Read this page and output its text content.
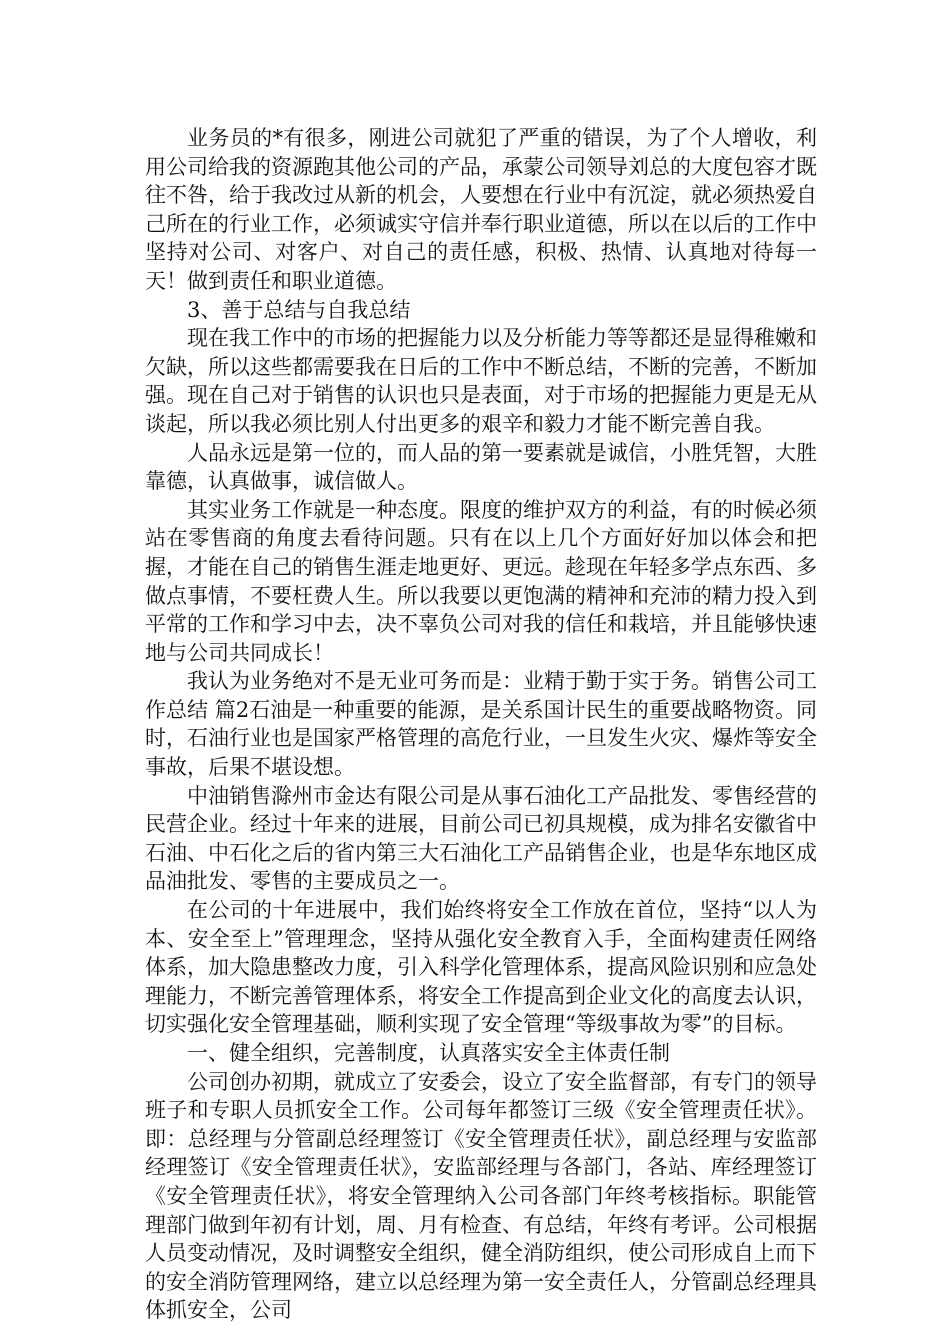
业务员的*有很多，刚进公司就犯了严重的错误，为了个人增收，利用公司给我的资源跑其他公司的产品，承蒙公司领导刘总的大度包容才既往不咎，给于我改过从新的机会，人要想在行业中有沉淀，就必须热爱自己所在的行业工作，必须诚实守信并奉行职业道德，所以在以后的工作中坚持对公司、对客户、对自己的责任感，积极、热情、认真地对待每一天！做到责任和职业道德。

3、善于总结与自我总结

现在我工作中的市场的把握能力以及分析能力等等都还是显得稚嫩和欠缺，所以这些都需要我在日后的工作中不断总结，不断的完善，不断加强。现在自己对于销售的认识也只是表面，对于市场的把握能力更是无从谈起，所以我必须比别人付出更多的艰辛和毅力才能不断完善自我。

人品永远是第一位的，而人品的第一要素就是诚信，小胜凭智，大胜靠德，认真做事，诚信做人。

其实业务工作就是一种态度。限度的维护双方的利益，有的时候必须站在零售商的角度去看待问题。只有在以上几个方面好好加以体会和把握，才能在自己的销售生涯走地更好、更远。趁现在年轻多学点东西、多做点事情，不要枉费人生。所以我要以更饱满的精神和充沛的精力投入到平常的工作和学习中去，决不辜负公司对我的信任和栽培，并且能够快速地与公司共同成长！

我认为业务绝对不是无业可务而是：业精于勤于实于务。销售公司工作总结 篇2石油是一种重要的能源，是关系国计民生的重要战略物资。同时，石油行业也是国家严格管理的高危行业，一旦发生火灾、爆炸等安全事故，后果不堪设想。

中油销售滁州市金达有限公司是从事石油化工产品批发、零售经营的民营企业。经过十年来的进展，目前公司已初具规模，成为排名安徽省中石油、中石化之后的省内第三大石油化工产品销售企业，也是华东地区成品油批发、零售的主要成员之一。

在公司的十年进展中，我们始终将安全工作放在首位，坚持“以人为本、安全至上”管理理念，坚持从强化安全教育入手，全面构建责任网络体系，加大隐患整改力度，引入科学化管理体系，提高风险识别和应急处理能力，不断完善管理体系，将安全工作提高到企业文化的高度去认识，切实强化安全管理基础，顺利实现了安全管理“等级事故为零”的目标。

一、健全组织，完善制度，认真落实安全主体责任制

公司创办初期，就成立了安委会，设立了安全监督部，有专门的领导班子和专职人员抓安全工作。公司每年都签订三级《安全管理责任状》。即：总经理与分管副总经理签订《安全管理责任状》，副总经理与安监部经理签订《安全管理责任状》，安监部经理与各部门，各站、库经理签订《安全管理责任状》，将安全管理纳入公司各部门年终考核指标。职能管理部门做到年初有计划，周、月有检查、有总结，年终有考评。公司根据人员变动情况，及时调整安全组织，健全消防组织，使公司形成自上而下的安全消防管理网络，建立以总经理为第一安全责任人，分管副总经理具体抓安全，公司
